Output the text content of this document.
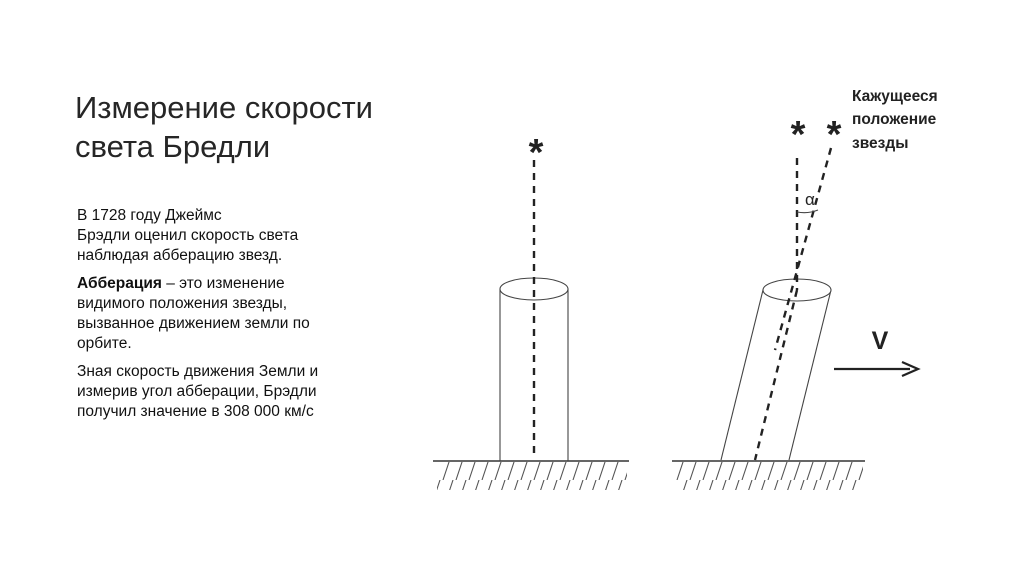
Измерение скорости
света Бредли
В 1728 году Джеймс
Брэдли оценил скорость света
наблюдая абберацию звезд.
Абберация – это изменение
видимого положения звезды,
вызванное движением земли по
орбите.
Зная скорость движения Земли и
измерив угол абберации, Брэдли
получил значение в 308 000 км/с
*	* *
α
Кажущееся
положение
звезды
V
